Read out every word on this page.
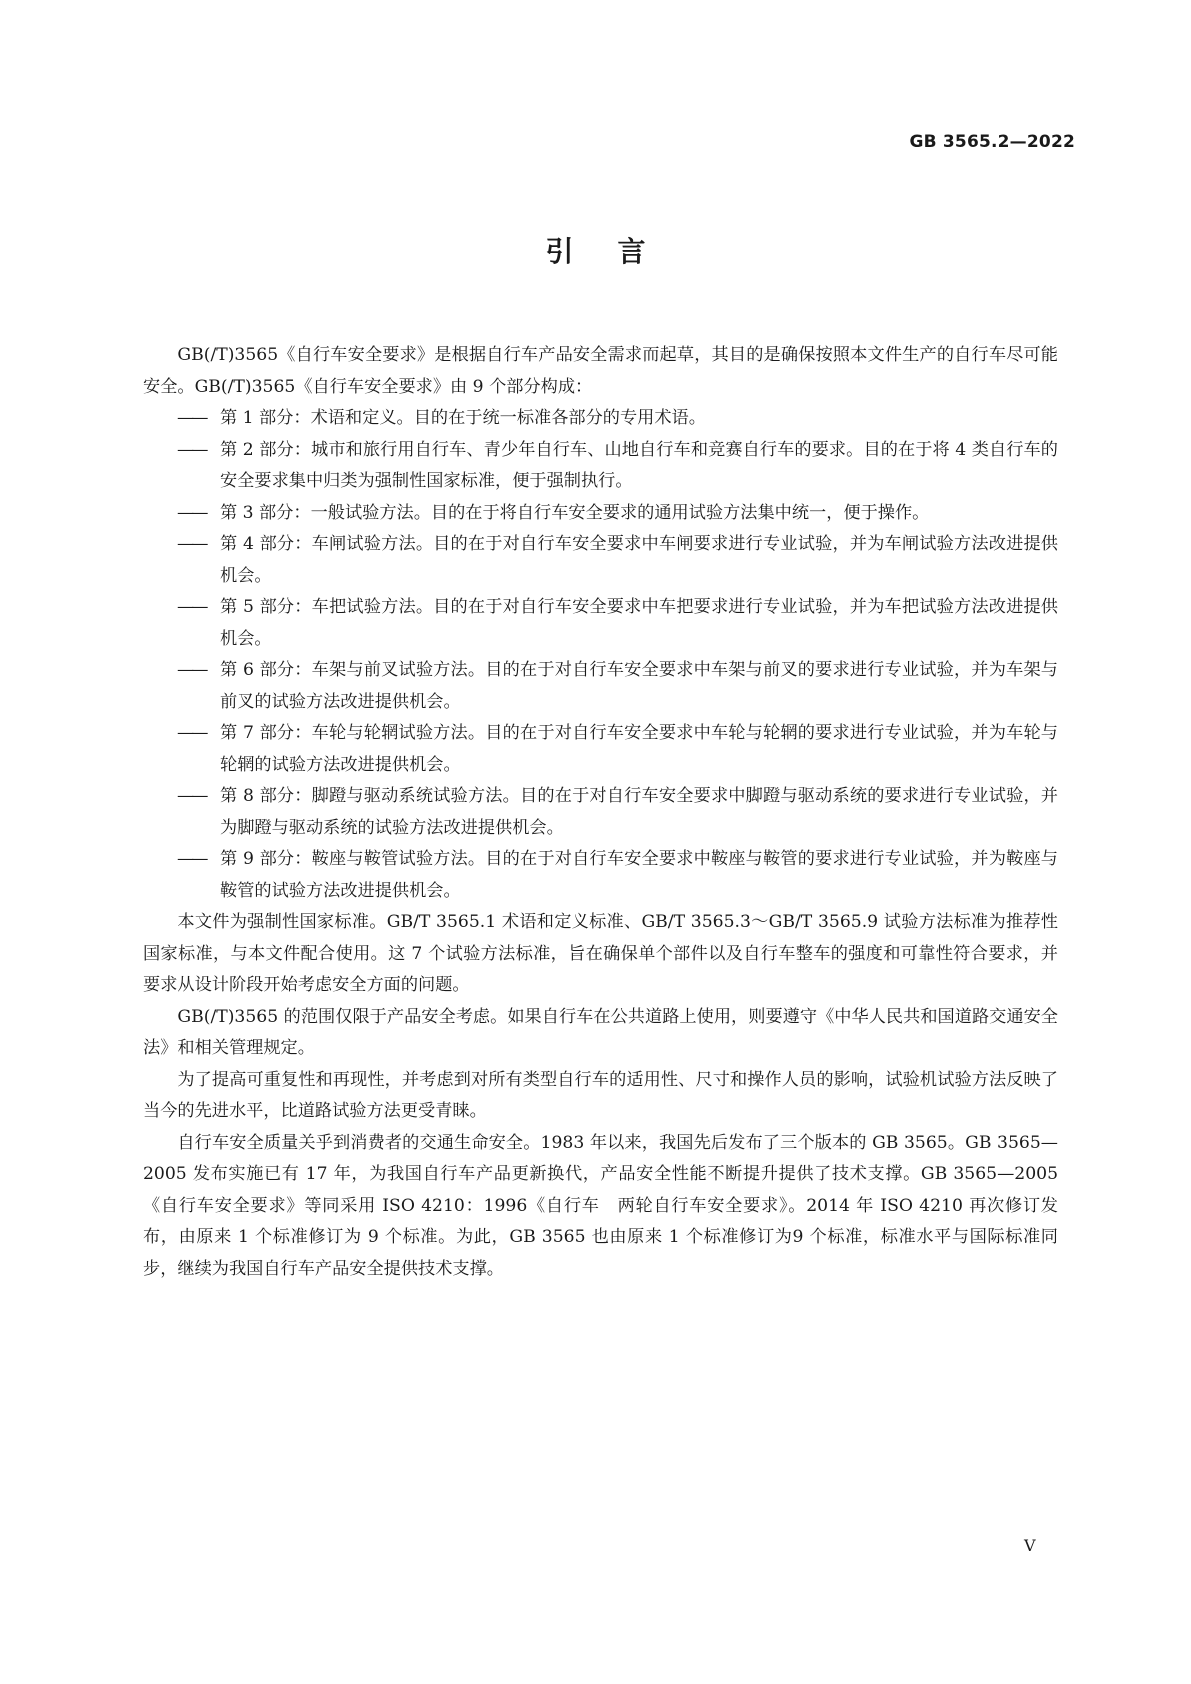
GB 3565.2—2022
引言

GB(/T)3565《自行车安全要求》是根据自行车产品安全需求而起草，其目的是确保按照本文件生产的自行车尽可能安全。GB(/T)3565《自行车安全要求》由 9 个部分构成：

—— 第 1 部分：术语和定义。目的在于统一标准各部分的专用术语。
—— 第 2 部分：城市和旅行用自行车、青少年自行车、山地自行车和竞赛自行车的要求。目的在于将 4 类自行车的安全要求集中归类为强制性国家标准，便于强制执行。
—— 第 3 部分：一般试验方法。目的在于将自行车安全要求的通用试验方法集中统一，便于操作。
—— 第 4 部分：车闸试验方法。目的在于对自行车安全要求中车闸要求进行专业试验，并为车闸试验方法改进提供机会。
—— 第 5 部分：车把试验方法。目的在于对自行车安全要求中车把要求进行专业试验，并为车把试验方法改进提供机会。
—— 第 6 部分：车架与前叉试验方法。目的在于对自行车安全要求中车架与前叉的要求进行专业试验，并为车架与前叉的试验方法改进提供机会。
—— 第 7 部分：车轮与轮辋试验方法。目的在于对自行车安全要求中车轮与轮辋的要求进行专业试验，并为车轮与轮辋的试验方法改进提供机会。
—— 第 8 部分：脚蹬与驱动系统试验方法。目的在于对自行车安全要求中脚蹬与驱动系统的要求进行专业试验，并为脚蹬与驱动系统的试验方法改进提供机会。
—— 第 9 部分：鞍座与鞍管试验方法。目的在于对自行车安全要求中鞍座与鞍管的要求进行专业试验，并为鞍座与鞍管的试验方法改进提供机会。

本文件为强制性国家标准。GB/T 3565.1 术语和定义标准、GB/T 3565.3～GB/T 3565.9 试验方法标准为推荐性国家标准，与本文件配合使用。这 7 个试验方法标准，旨在确保单个部件以及自行车整车的强度和可靠性符合要求，并要求从设计阶段开始考虑安全方面的问题。

GB(/T)3565 的范围仅限于产品安全考虑。如果自行车在公共道路上使用，则要遵守《中华人民共和国道路交通安全法》和相关管理规定。

为了提高可重复性和再现性，并考虑到对所有类型自行车的适用性、尺寸和操作人员的影响，试验机试验方法反映了当今的先进水平，比道路试验方法更受青睐。

自行车安全质量关乎到消费者的交通生命安全。1983 年以来，我国先后发布了三个版本的 GB 3565。GB 3565—2005 发布实施已有 17 年，为我国自行车产品更新换代，产品安全性能不断提升提供了技术支撑。GB 3565—2005《自行车安全要求》等同采用 ISO 4210：1996《自行车　两轮自行车安全要求》。2014 年 ISO 4210 再次修订发布，由原来 1 个标准修订为 9 个标准。为此，GB 3565 也由原来 1 个标准修订为9 个标准，标准水平与国际标准同步，继续为我国自行车产品安全提供技术支撑。

V
